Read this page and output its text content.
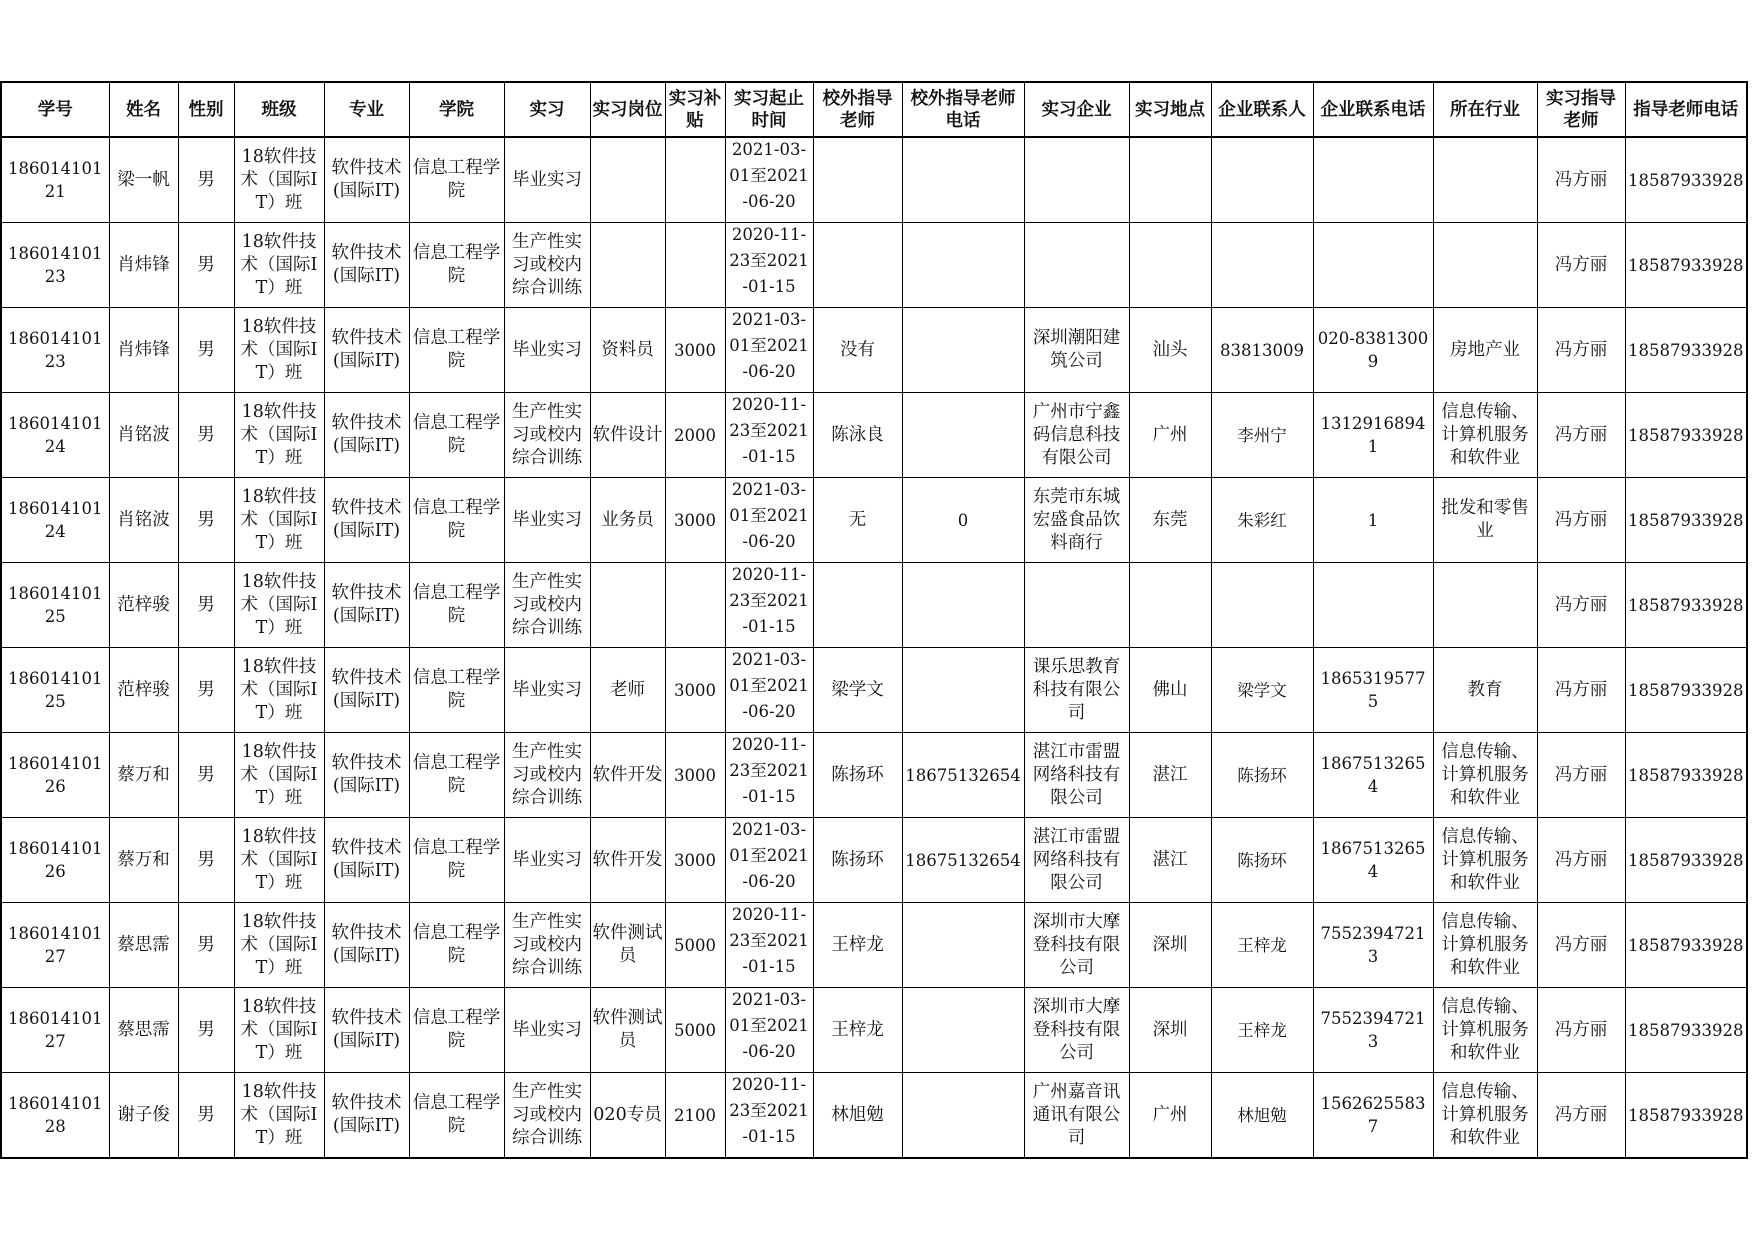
学号	姓名	性别	班级	专业	学院	实习	实习岗位	实习补贴	实习起止时间	校外指导老师	校外指导老师电话	实习企业	实习地点	企业联系人	企业联系电话	所在行业	实习指导老师	指导老师电话

18601410121	梁一帆	男	18软件技术（国际IT）班	软件技术(国际IT)	信息工程学院	毕业实习			2021-03-01至2021-06-20								冯方丽	18587933928

18601410123	肖炜锋	男	18软件技术（国际IT）班	软件技术(国际IT)	信息工程学院	生产性实习或校内综合训练			2020-11-23至2021-01-15								冯方丽	18587933928

18601410123	肖炜锋	男	18软件技术（国际IT）班	软件技术(国际IT)	信息工程学院	毕业实习	资料员	3000	2021-03-01至2021-06-20	没有		深圳潮阳建筑公司	汕头	83813009	020-83813009	房地产业	冯方丽	18587933928

18601410124	肖铭波	男	18软件技术（国际IT）班	软件技术(国际IT)	信息工程学院	生产性实习或校内综合训练	软件设计	2000	2020-11-23至2021-01-15	陈泳良		广州市宁鑫码信息科技有限公司	广州	李州宁	13129168941	信息传输、计算机服务和软件业	冯方丽	18587933928

18601410124	肖铭波	男	18软件技术（国际IT）班	软件技术(国际IT)	信息工程学院	毕业实习	业务员	3000	2021-03-01至2021-06-20	无	0	东莞市东城宏盛食品饮料商行	东莞	朱彩红	1	批发和零售业	冯方丽	18587933928

18601410125	范梓骏	男	18软件技术（国际IT）班	软件技术(国际IT)	信息工程学院	生产性实习或校内综合训练			2020-11-23至2021-01-15								冯方丽	18587933928

18601410125	范梓骏	男	18软件技术（国际IT）班	软件技术(国际IT)	信息工程学院	毕业实习	老师	3000	2021-03-01至2021-06-20	梁学文		课乐思教育科技有限公司	佛山	梁学文	18653195775	教育	冯方丽	18587933928

18601410126	蔡万和	男	18软件技术（国际IT）班	软件技术(国际IT)	信息工程学院	生产性实习或校内综合训练	软件开发	3000	2020-11-23至2021-01-15	陈扬环	18675132654	湛江市雷盟网络科技有限公司	湛江	陈扬环	18675132654	信息传输、计算机服务和软件业	冯方丽	18587933928

18601410126	蔡万和	男	18软件技术（国际IT）班	软件技术(国际IT)	信息工程学院	毕业实习	软件开发	3000	2021-03-01至2021-06-20	陈扬环	18675132654	湛江市雷盟网络科技有限公司	湛江	陈扬环	18675132654	信息传输、计算机服务和软件业	冯方丽	18587933928

18601410127	蔡思霈	男	18软件技术（国际IT）班	软件技术(国际IT)	信息工程学院	生产性实习或校内综合训练	软件测试员	5000	2020-11-23至2021-01-15	王梓龙		深圳市大摩登科技有限公司	深圳	王梓龙	75523947213	信息传输、计算机服务和软件业	冯方丽	18587933928

18601410127	蔡思霈	男	18软件技术（国际IT）班	软件技术(国际IT)	信息工程学院	毕业实习	软件测试员	5000	2021-03-01至2021-06-20	王梓龙		深圳市大摩登科技有限公司	深圳	王梓龙	75523947213	信息传输、计算机服务和软件业	冯方丽	18587933928

18601410128	谢子俊	男	18软件技术（国际IT）班	软件技术(国际IT)	信息工程学院	生产性实习或校内综合训练	020专员	2100	2020-11-23至2021-01-15	林旭勉		广州嘉音讯通讯有限公司	广州	林旭勉	15626255837	信息传输、计算机服务和软件业	冯方丽	18587933928
